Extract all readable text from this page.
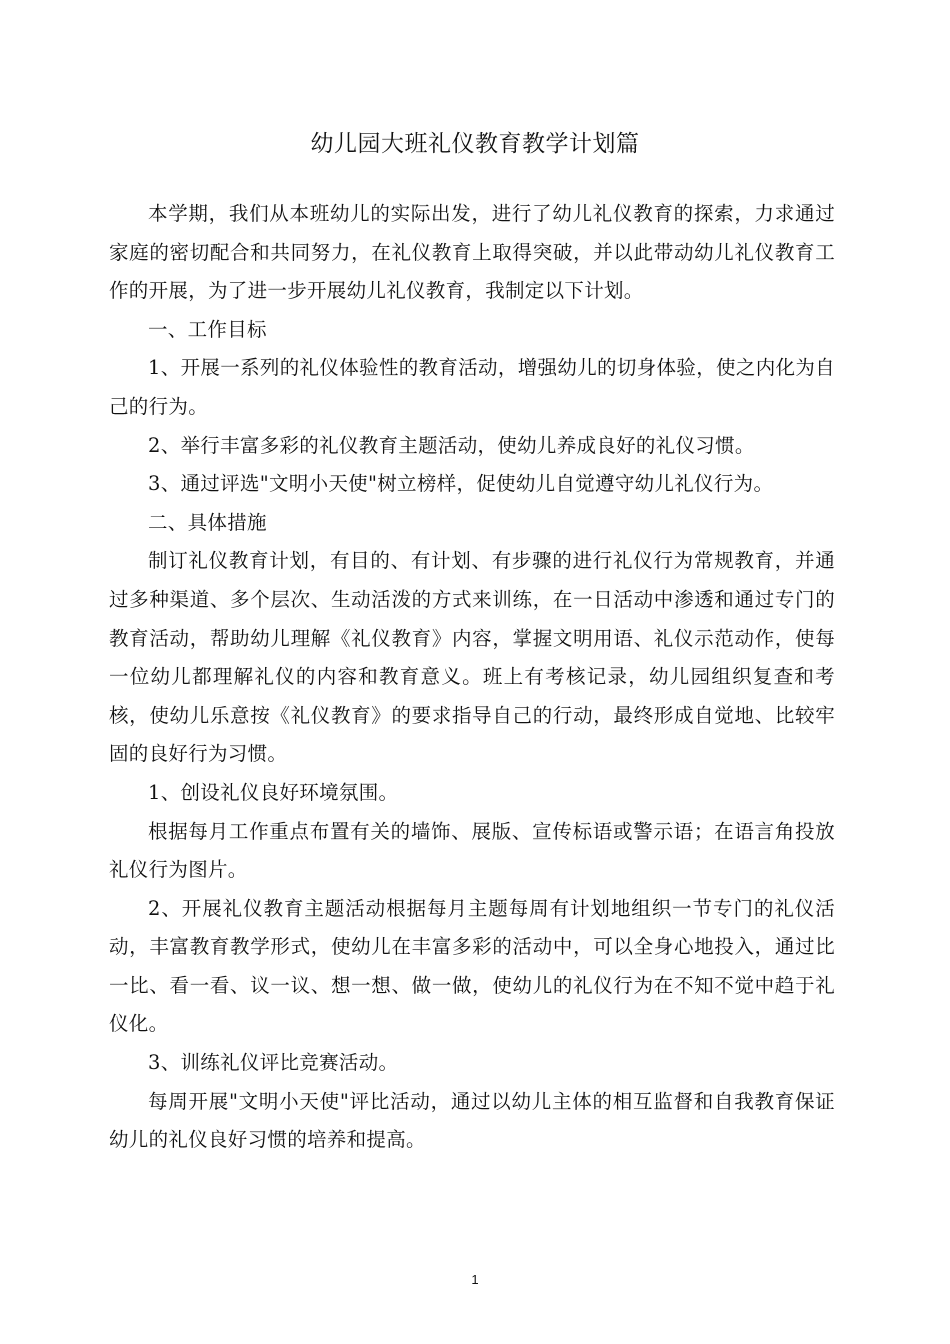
幼儿园大班礼仪教育教学计划篇

本学期，我们从本班幼儿的实际出发，进行了幼儿礼仪教育的探索，力求通过家庭的密切配合和共同努力，在礼仪教育上取得突破，并以此带动幼儿礼仪教育工作的开展，为了进一步开展幼儿礼仪教育，我制定以下计划。

一、工作目标

1、开展一系列的礼仪体验性的教育活动，增强幼儿的切身体验，使之内化为自己的行为。

2、举行丰富多彩的礼仪教育主题活动，使幼儿养成良好的礼仪习惯。

3、通过评选"文明小天使"树立榜样，促使幼儿自觉遵守幼儿礼仪行为。

二、具体措施

制订礼仪教育计划，有目的、有计划、有步骤的进行礼仪行为常规教育，并通过多种渠道、多个层次、生动活泼的方式来训练，在一日活动中渗透和通过专门的教育活动，帮助幼儿理解《礼仪教育》内容，掌握文明用语、礼仪示范动作，使每一位幼儿都理解礼仪的内容和教育意义。班上有考核记录，幼儿园组织复查和考核，使幼儿乐意按《礼仪教育》的要求指导自己的行动，最终形成自觉地、比较牢固的良好行为习惯。

1、创设礼仪良好环境氛围。

根据每月工作重点布置有关的墙饰、展版、宣传标语或警示语；在语言角投放礼仪行为图片。

2、开展礼仪教育主题活动根据每月主题每周有计划地组织一节专门的礼仪活动，丰富教育教学形式，使幼儿在丰富多彩的活动中，可以全身心地投入，通过比一比、看一看、议一议、想一想、做一做，使幼儿的礼仪行为在不知不觉中趋于礼仪化。

3、训练礼仪评比竞赛活动。

每周开展"文明小天使"评比活动，通过以幼儿主体的相互监督和自我教育保证幼儿的礼仪良好习惯的培养和提高。

1
